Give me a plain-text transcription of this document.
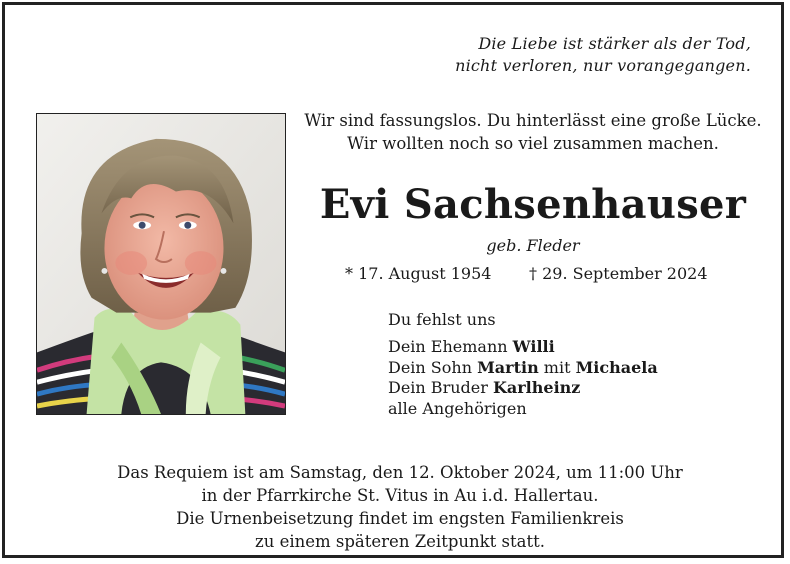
Die Liebe ist stärker als der Tod,
nicht verloren, nur vorangegangen.
Wir sind fassungslos. Du hinterlässt eine große Lücke.
Wir wollten noch so viel zusammen machen.
Evi Sachsenhauser
geb. Fleder
* 17. August 1954 † 29. September 2024
Du fehlst uns
Dein Ehemann Willi
Dein Sohn Martin mit Michaela
Dein Bruder Karlheinz
alle Angehörigen
Das Requiem ist am Samstag, den 12. Oktober 2024, um 11:00 Uhr
in der Pfarrkirche St. Vitus in Au i.d. Hallertau.
Die Urnenbeisetzung findet im engsten Familienkreis
zu einem späteren Zeitpunkt statt.
